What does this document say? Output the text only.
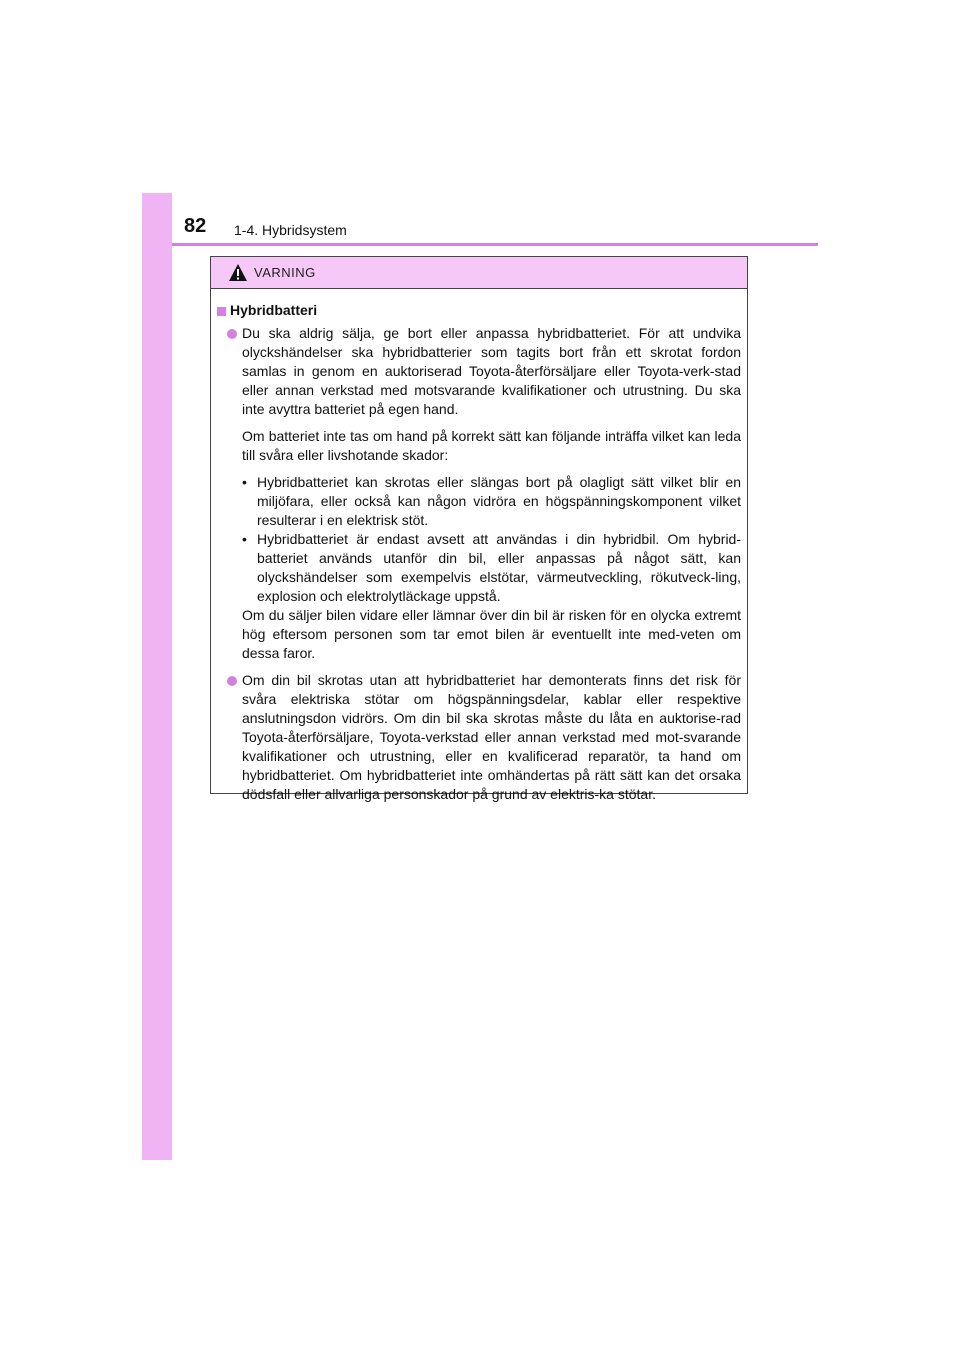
82 1-4. Hybridsystem
VARNING
Hybridbatteri

Du ska aldrig sälja, ge bort eller anpassa hybridbatteriet. För att undvika olyckshändelser ska hybridbatterier som tagits bort från ett skrotat fordon samlas in genom en auktoriserad Toyota-återförsäljare eller Toyota-verk-stad eller annan verkstad med motsvarande kvalifikationer och utrustning. Du ska inte avyttra batteriet på egen hand.

Om batteriet inte tas om hand på korrekt sätt kan följande inträffa vilket kan leda till svåra eller livshotande skador:

• Hybridbatteriet kan skrotas eller slängas bort på olagligt sätt vilket blir en miljöfara, eller också kan någon vidröra en högspänningskomponent vilket resulterar i en elektrisk stöt.
• Hybridbatteriet är endast avsett att användas i din hybridbil. Om hybrid-batteriet används utanför din bil, eller anpassas på något sätt, kan olyckshändelser som exempelvis elstötar, värmeutveckling, rökutveck-ling, explosion och elektrolytläckage uppstå.

Om du säljer bilen vidare eller lämnar över din bil är risken för en olycka extremt hög eftersom personen som tar emot bilen är eventuellt inte med-veten om dessa faror.

Om din bil skrotas utan att hybridbatteriet har demonterats finns det risk för svåra elektriska stötar om högspänningsdelar, kablar eller respektive anslutningsdon vidrörs. Om din bil ska skrotas måste du låta en auktorise-rad Toyota-återförsäljare, Toyota-verkstad eller annan verkstad med mot-svarande kvalifikationer och utrustning, eller en kvalificerad reparatör, ta hand om hybridbatteriet. Om hybridbatteriet inte omhändertas på rätt sätt kan det orsaka dödsfall eller allvarliga personskador på grund av elektris-ka stötar.
